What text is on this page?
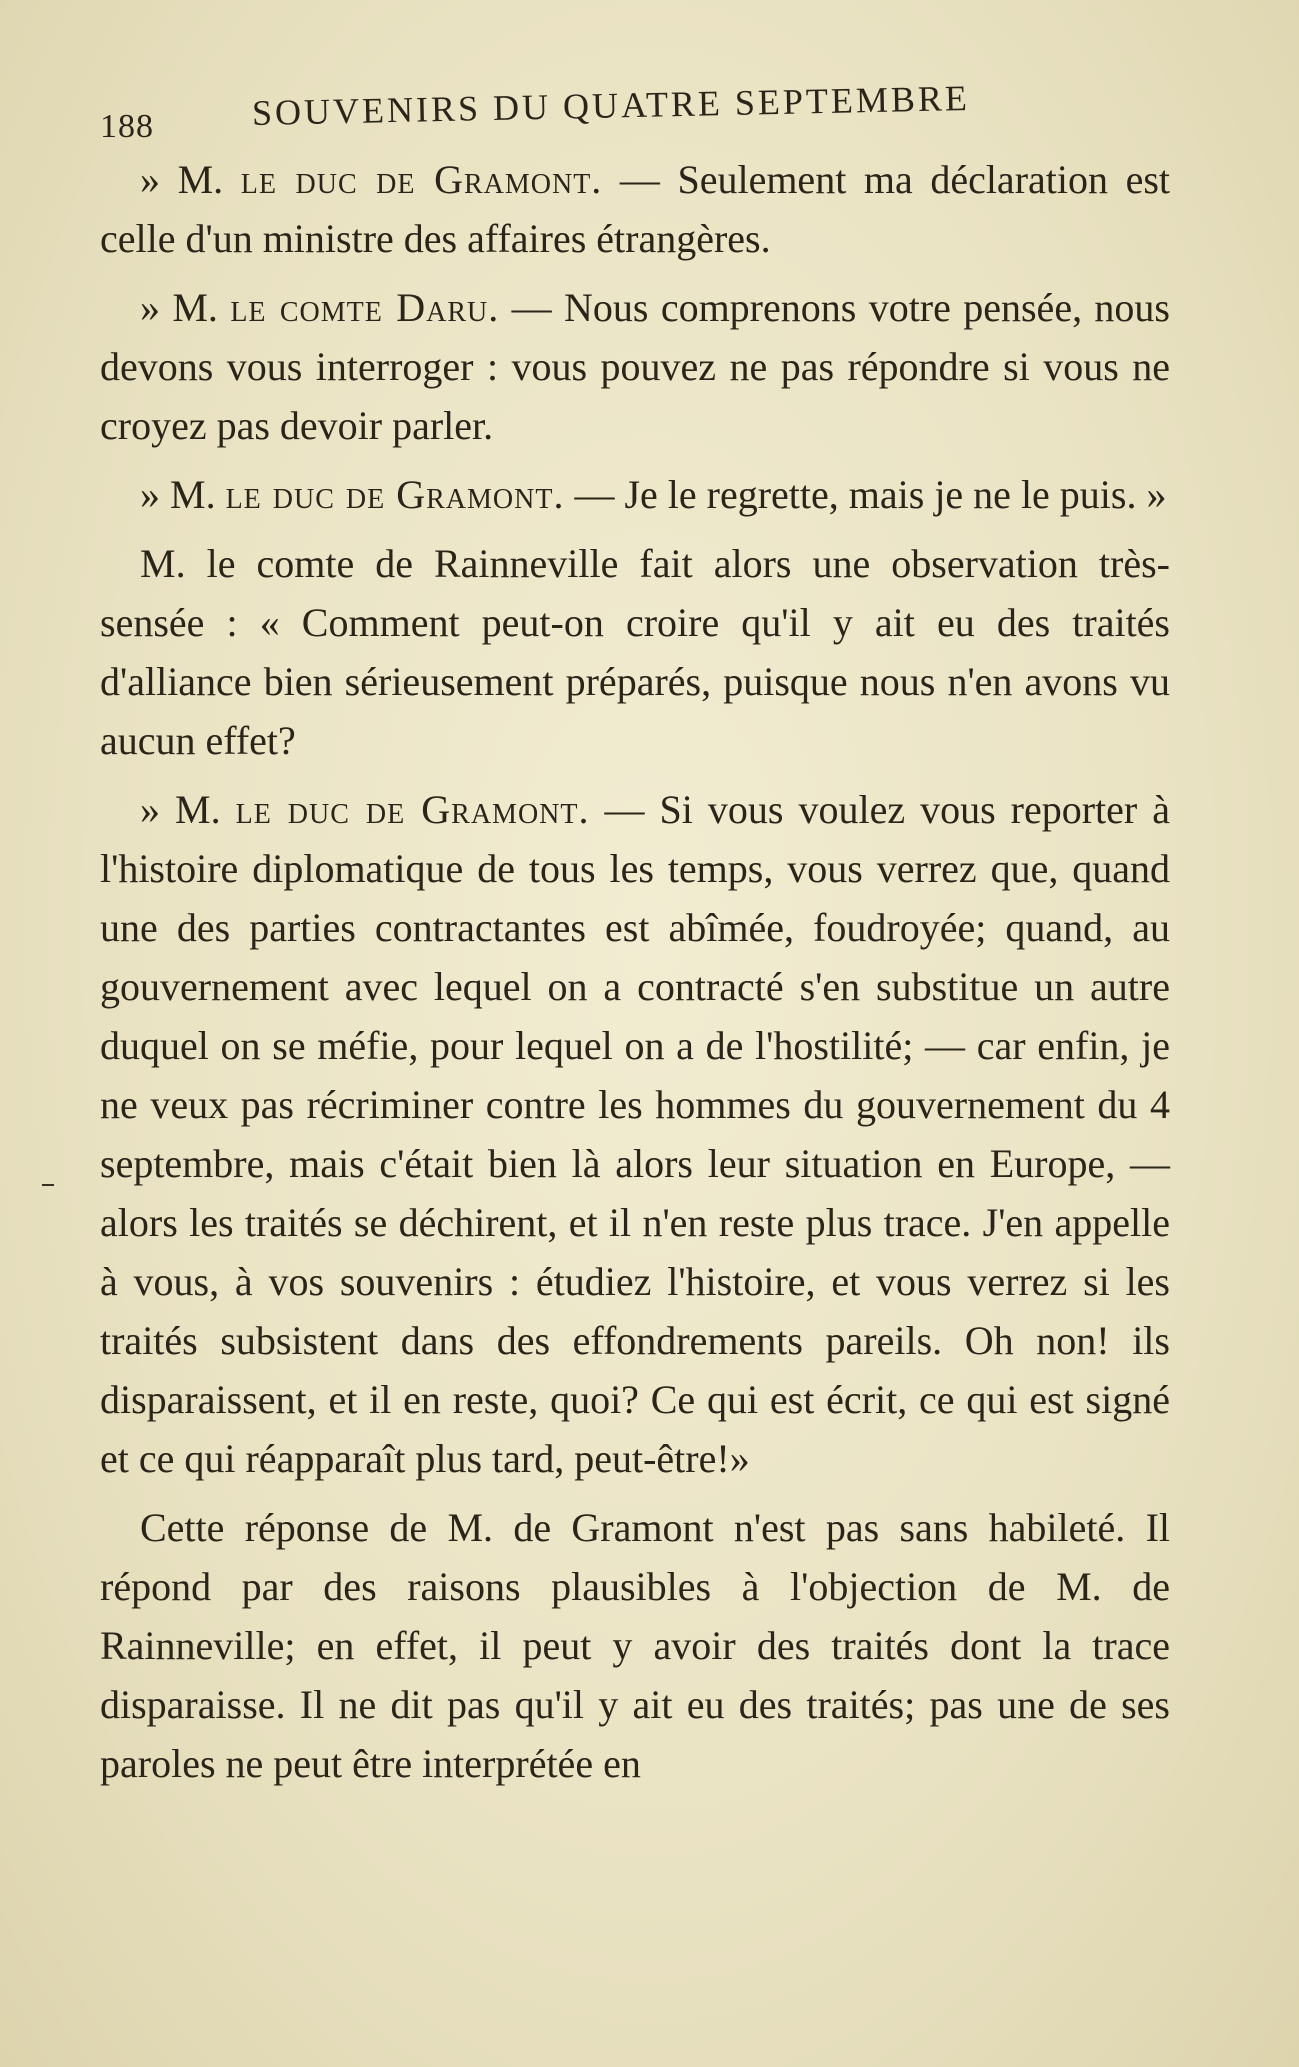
188	SOUVENIRS DU QUATRE SEPTEMBRE

» M. le duc de Gramont. — Seulement ma déclaration est celle d'un ministre des affaires étrangères.

» M. le comte Daru. — Nous comprenons votre pensée, nous devons vous interroger : vous pouvez ne pas répondre si vous ne croyez pas devoir parler.

» M. le duc de Gramont. — Je le regrette, mais je ne le puis. »

M. le comte de Rainneville fait alors une observation très-sensée : « Comment peut-on croire qu'il y ait eu des traités d'alliance bien sérieusement préparés, puisque nous n'en avons vu aucun effet?

» M. le duc de Gramont. — Si vous voulez vous reporter à l'histoire diplomatique de tous les temps, vous verrez que, quand une des parties contractantes est abîmée, foudroyée; quand, au gouvernement avec lequel on a contracté s'en substitue un autre duquel on se méfie, pour lequel on a de l'hostilité; — car enfin, je ne veux pas récriminer contre les hommes du gouvernement du 4 septembre, mais c'était bien là alors leur situation en Europe, — alors les traités se déchirent, et il n'en reste plus trace. J'en appelle à vous, à vos souvenirs : étudiez l'histoire, et vous verrez si les traités subsistent dans des effondrements pareils. Oh non! ils disparaissent, et il en reste, quoi? Ce qui est écrit, ce qui est signé et ce qui réapparaît plus tard, peut-être!»

Cette réponse de M. de Gramont n'est pas sans habileté. Il répond par des raisons plausibles à l'objection de M. de Rainneville; en effet, il peut y avoir des traités dont la trace disparaisse. Il ne dit pas qu'il y ait eu des traités; pas une de ses paroles ne peut être interprétée en
